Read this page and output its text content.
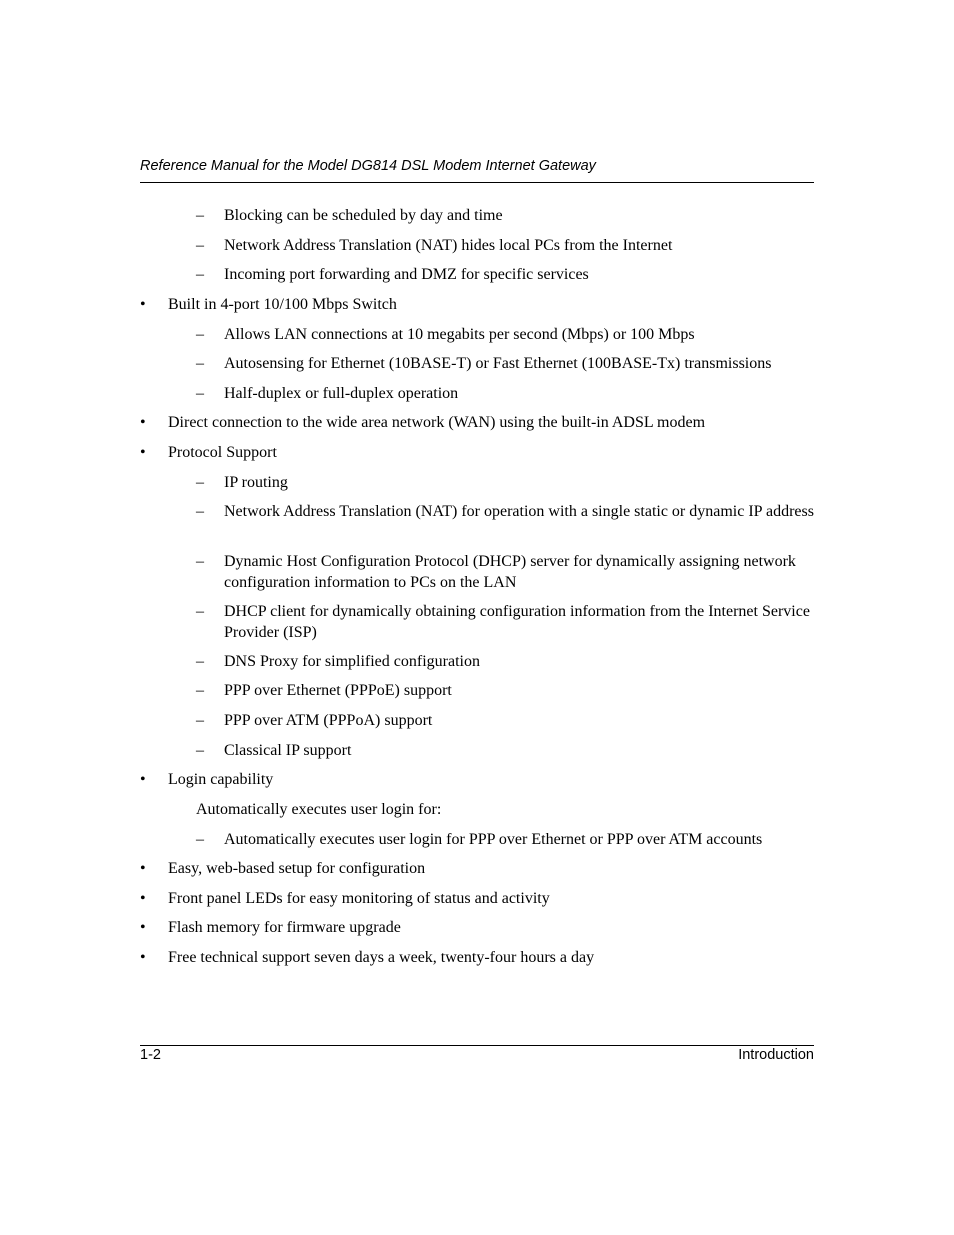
Reference Manual for the Model DG814 DSL Modem Internet Gateway
– Blocking can be scheduled by day and time
– Network Address Translation (NAT) hides local PCs from the Internet
– Incoming port forwarding and DMZ for specific services
• Built in 4-port 10/100 Mbps Switch
– Allows LAN connections at 10 megabits per second (Mbps) or 100 Mbps
– Autosensing for Ethernet (10BASE-T) or Fast Ethernet (100BASE-Tx) transmissions
– Half-duplex or full-duplex operation
• Direct connection to the wide area network (WAN) using the built-in ADSL modem
• Protocol Support
– IP routing
– Network Address Translation (NAT) for operation with a single static or dynamic IP address
– Dynamic Host Configuration Protocol (DHCP) server for dynamically assigning network configuration information to PCs on the LAN
– DHCP client for dynamically obtaining configuration information from the Internet Service Provider (ISP)
– DNS Proxy for simplified configuration
– PPP over Ethernet (PPPoE) support
– PPP over ATM (PPPoA) support
– Classical IP support
• Login capability
Automatically executes user login for:
– Automatically executes user login for PPP over Ethernet or PPP over ATM accounts
• Easy, web-based setup for configuration
• Front panel LEDs for easy monitoring of status and activity
• Flash memory for firmware upgrade
• Free technical support seven days a week, twenty-four hours a day
1-2	Introduction
